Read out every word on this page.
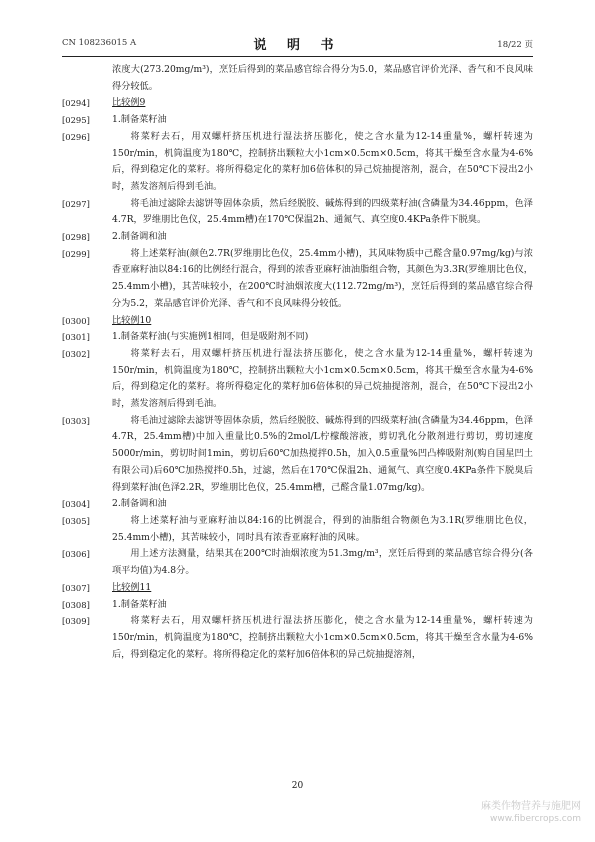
CN 108236015 A	说 明 书	18/22 页
浓度大(273.20mg/m³)，烹饪后得到的菜品感官综合得分为5.0，菜品感官评价光泽、香气和不良风味得分较低。
[0294]	比较例9
[0295]	1.制备菜籽油
[0296]	将菜籽去石，用双螺杆挤压机进行湿法挤压膨化，使之含水量为12-14重量%，螺杆转速为150r/min，机筒温度为180℃，控制挤出颗粒大小1cm×0.5cm×0.5cm，将其干燥至含水量为4-6%后，得到稳定化的菜籽。将所得稳定化的菜籽加6倍体积的异己烷抽提溶剂，混合，在50℃下浸出2小时，蒸发溶剂后得到毛油。
[0297]	将毛油过滤除去滤饼等固体杂质，然后经脱胶、碱炼得到的四级菜籽油(含磷量为34.46ppm，色泽4.7R，罗维朋比色仪，25.4mm槽)在170℃保温2h、通氮气、真空度0.4KPa条件下脱臭。
[0298]	2.制备调和油
[0299]	将上述菜籽油(颜色2.7R(罗维朋比色仪，25.4mm小槽)，其风味物质中己醛含量0.97mg/kg)与浓香亚麻籽油以84:16的比例经行混合，得到的浓香亚麻籽油油脂组合物，其颜色为3.3R(罗维朋比色仪，25.4mm小槽)，其苦味较小，在200℃时油烟浓度大(112.72mg/m³)，烹饪后得到的菜品感官综合得分为5.2，菜品感官评价光泽、香气和不良风味得分较低。
[0300]	比较例10
[0301]	1.制备菜籽油(与实施例1相同，但是吸附剂不同)
[0302]	将菜籽去石，用双螺杆挤压机进行湿法挤压膨化，使之含水量为12-14重量%，螺杆转速为150r/min，机筒温度为180℃，控制挤出颗粒大小1cm×0.5cm×0.5cm，将其干燥至含水量为4-6%后，得到稳定化的菜籽。将所得稳定化的菜籽加6倍体积的异己烷抽提溶剂，混合，在50℃下浸出2小时，蒸发溶剂后得到毛油。
[0303]	将毛油过滤除去滤饼等固体杂质，然后经脱胶、碱炼得到的四级菜籽油(含磷量为34.46ppm，色泽4.7R，25.4mm槽)中加入重量比0.5%的2mol/L柠檬酸溶液，剪切乳化分散剂进行剪切，剪切速度5000r/min，剪切时间1min，剪切后60℃加热搅拌0.5h，加入0.5重量%凹凸棒吸附剂(购自国星凹土有限公司)后60℃加热搅拌0.5h，过滤，然后在170℃保温2h、通氮气、真空度0.4KPa条件下脱臭后得到菜籽油(色泽2.2R，罗维朋比色仪，25.4mm槽，己醛含量1.07mg/kg)。
[0304]	2.制备调和油
[0305]	将上述菜籽油与亚麻籽油以84:16的比例混合，得到的油脂组合物颜色为3.1R(罗维朋比色仪，25.4mm小槽)，其苦味较小，同时具有浓香亚麻籽油的风味。
[0306]	用上述方法测量，结果其在200℃时油烟浓度为51.3mg/m³，烹饪后得到的菜品感官综合得分(各项平均值)为4.8分。
[0307]	比较例11
[0308]	1.制备菜籽油
[0309]	将菜籽去石，用双螺杆挤压机进行湿法挤压膨化，使之含水量为12-14重量%，螺杆转速为150r/min，机筒温度为180℃，控制挤出颗粒大小1cm×0.5cm×0.5cm，将其干燥至含水量为4-6%后，得到稳定化的菜籽。将所得稳定化的菜籽加6倍体积的异己烷抽提溶剂，
20
麻类作物营养与施肥网
www.fibercrops.com
